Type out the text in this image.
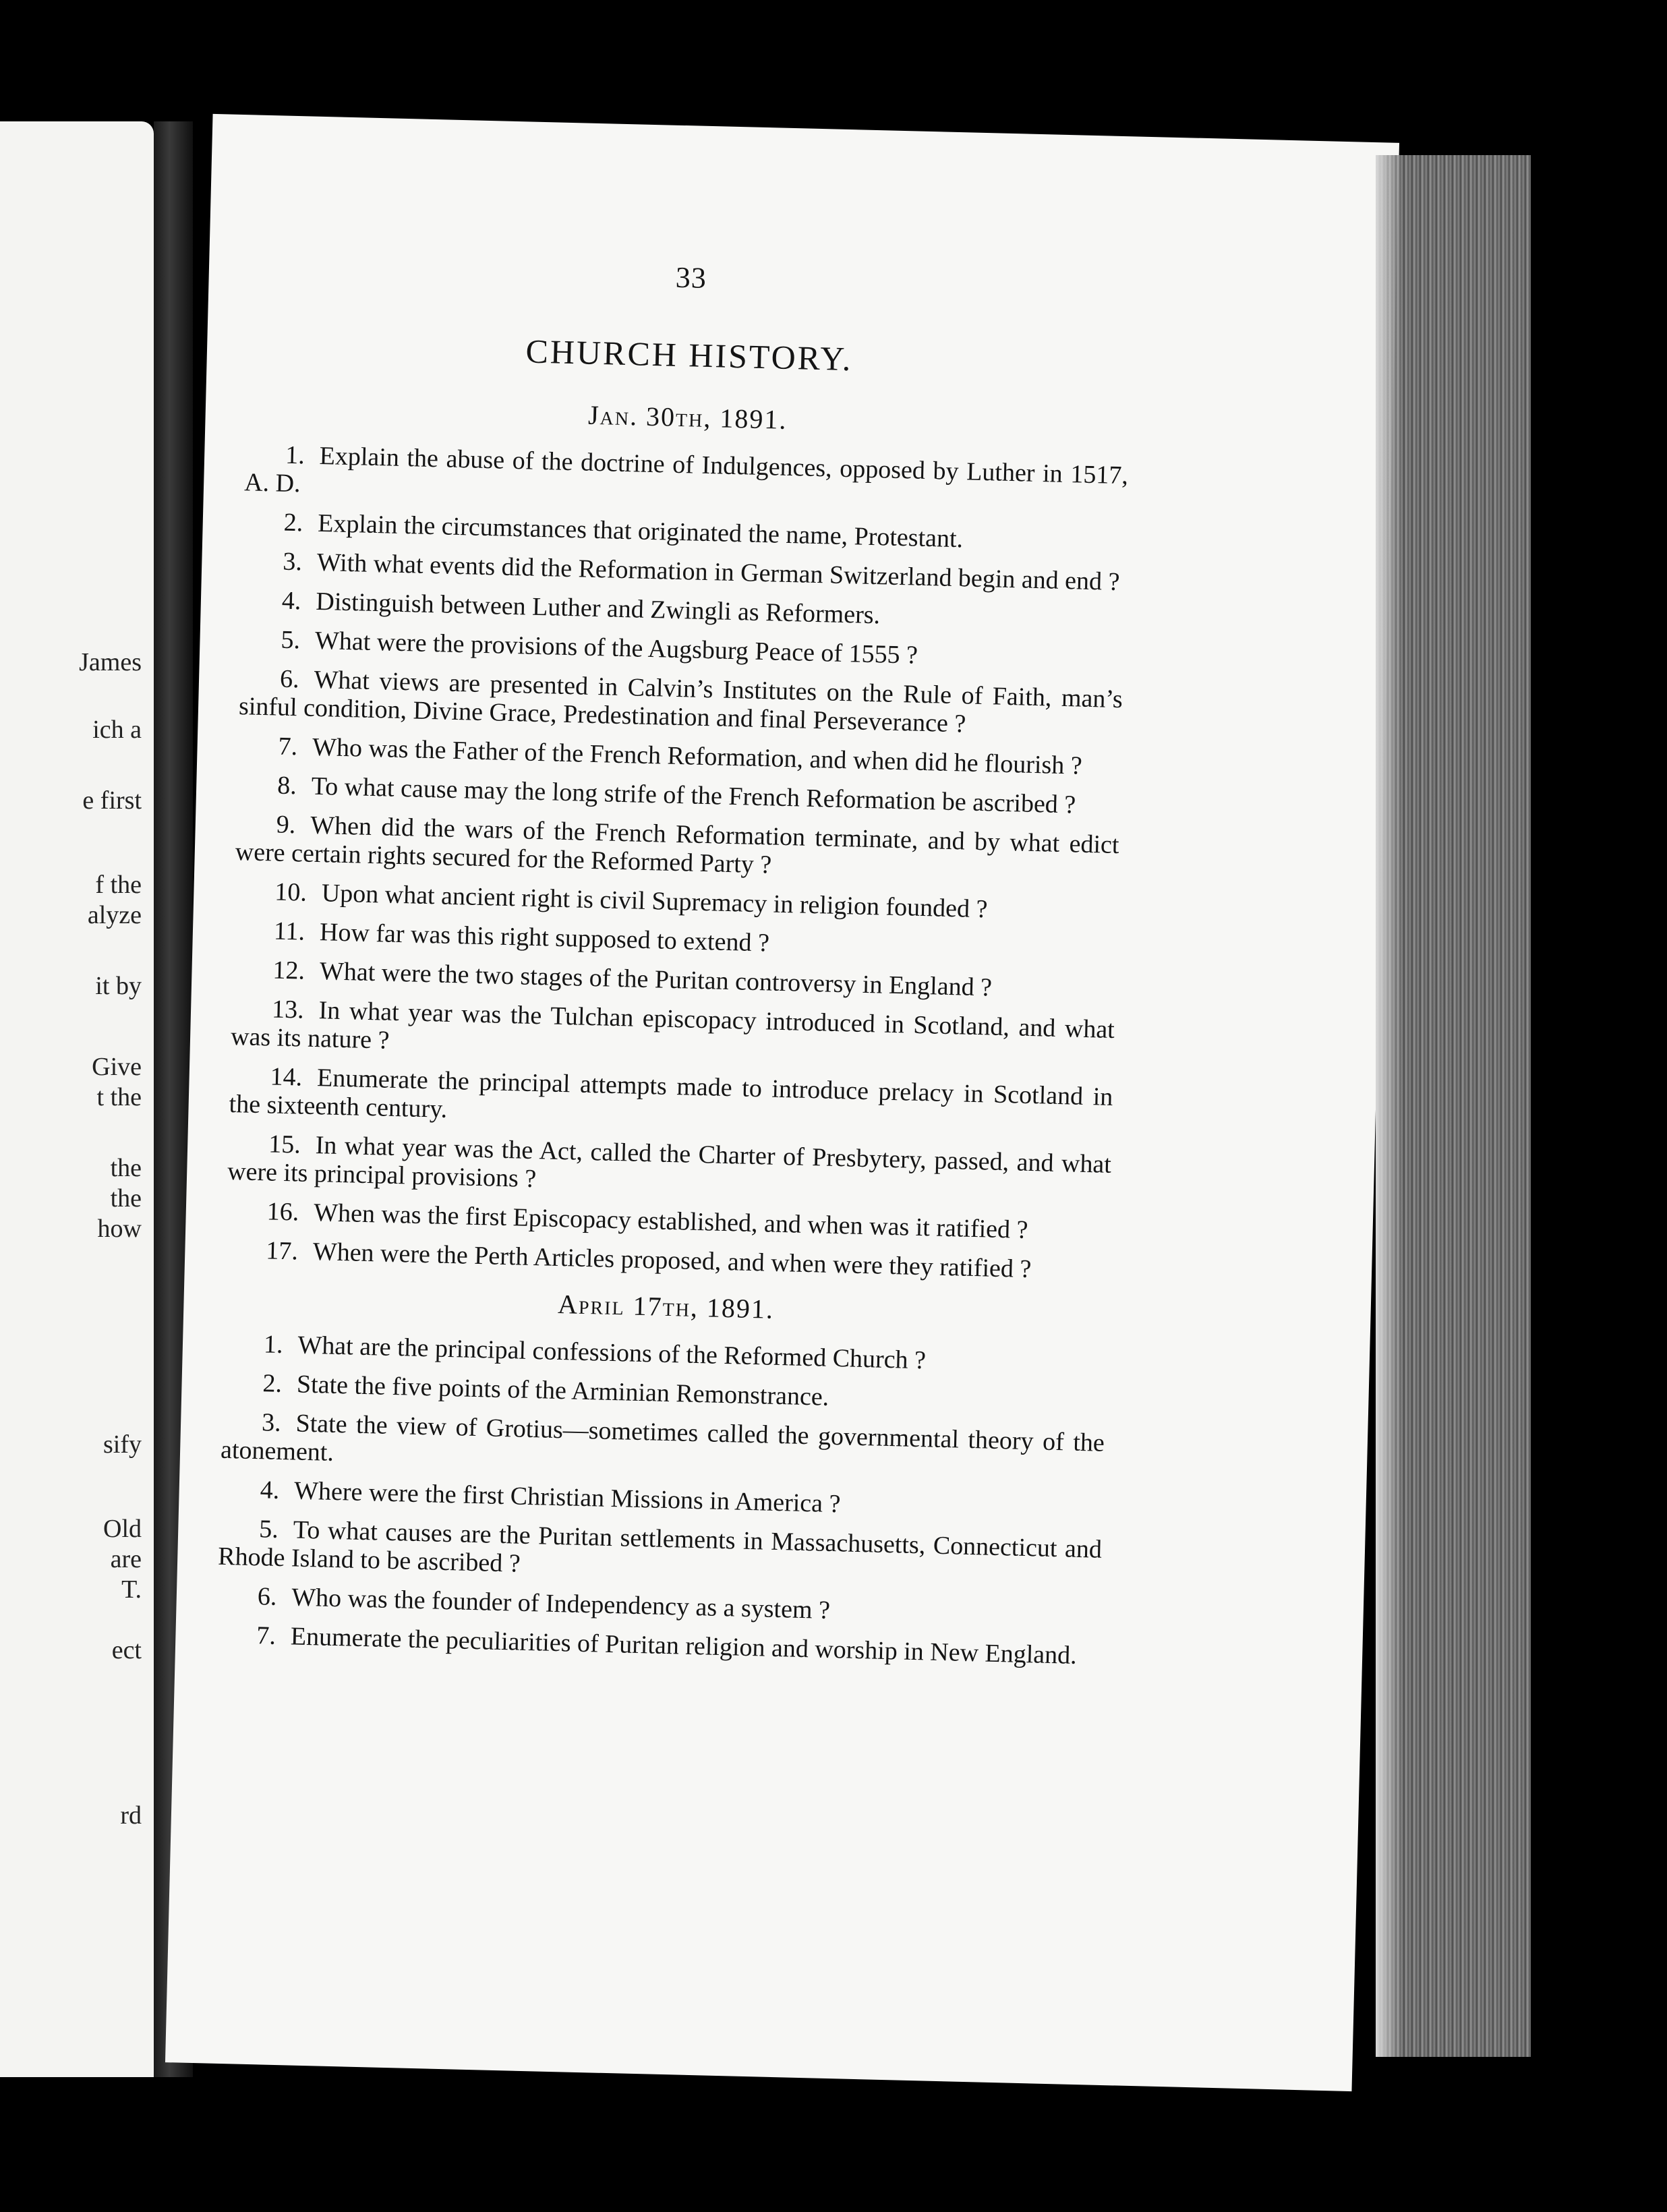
James
ich a
e first
f the
alyze
it by
Give
t the
the
the
how
sify
Old
are
T.
ect
rd
33
CHURCH HISTORY.
Jan. 30th, 1891.
1. Explain the abuse of the doctrine of Indulgences, opposed by Luther in 1517, A. D.
2. Explain the circumstances that originated the name, Protestant.
3. With what events did the Reformation in German Switzerland begin and end ?
4. Distinguish between Luther and Zwingli as Reformers.
5. What were the provisions of the Augsburg Peace of 1555 ?
6. What views are presented in Calvin’s Institutes on the Rule of Faith, man’s sinful condition, Divine Grace, Predestination and final Perseverance ?
7. Who was the Father of the French Reformation, and when did he flourish ?
8. To what cause may the long strife of the French Reformation be ascribed ?
9. When did the wars of the French Reformation terminate, and by what edict were certain rights secured for the Reformed Party ?
10. Upon what ancient right is civil Supremacy in religion founded ?
11. How far was this right supposed to extend ?
12. What were the two stages of the Puritan controversy in England ?
13. In what year was the Tulchan episcopacy introduced in Scotland, and what was its nature ?
14. Enumerate the principal attempts made to introduce prelacy in Scotland in the sixteenth century.
15. In what year was the Act, called the Charter of Presbytery, passed, and what were its principal provisions ?
16. When was the first Episcopacy established, and when was it ratified ?
17. When were the Perth Articles proposed, and when were they ratified ?
April 17th, 1891.
1. What are the principal confessions of the Reformed Church ?
2. State the five points of the Arminian Remonstrance.
3. State the view of Grotius—sometimes called the governmental theory of the atonement.
4. Where were the first Christian Missions in America ?
5. To what causes are the Puritan settlements in Massachusetts, Connecticut and Rhode Island to be ascribed ?
6. Who was the founder of Independency as a system ?
7. Enumerate the peculiarities of Puritan religion and worship in New England.
